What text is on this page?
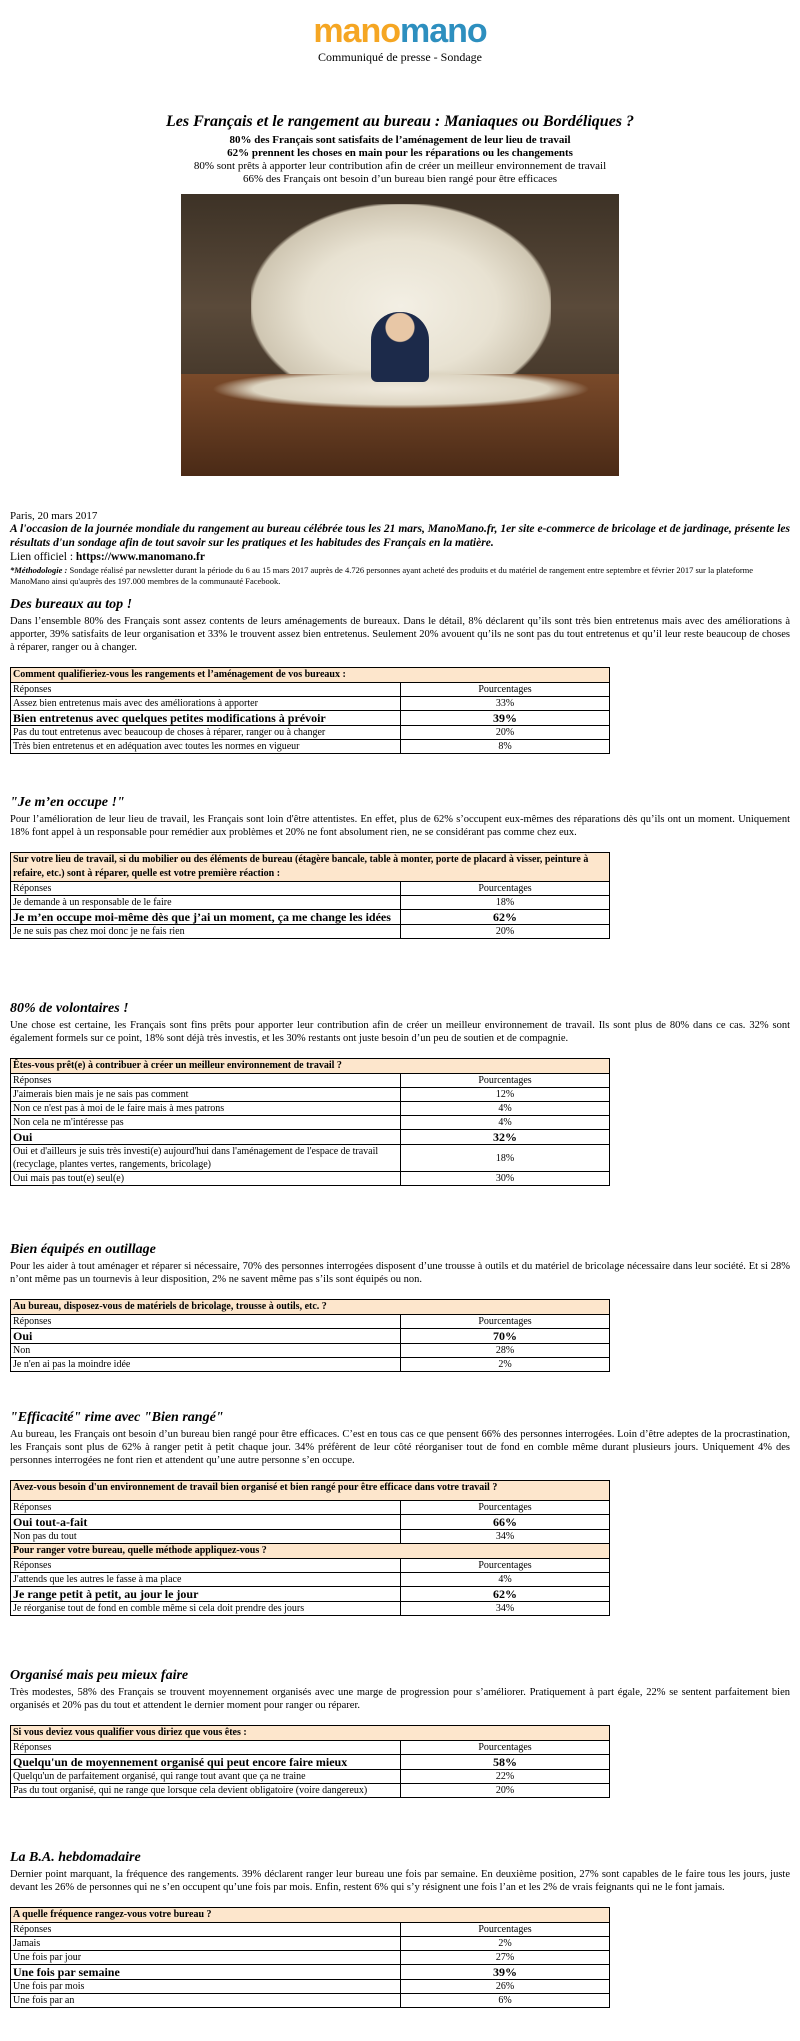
manomano
Communiqué de presse - Sondage
Les Français et le rangement au bureau : Maniaques ou Bordéliques ?
80% des Français sont satisfaits de l’aménagement de leur lieu de travail
62% prennent les choses en main pour les réparations ou les changements
80% sont prêts à apporter leur contribution afin de créer un meilleur environnement de travail
66% des Français ont besoin d’un bureau bien rangé pour être efficaces
Paris, 20 mars 2017
A l'occasion de la journée mondiale du rangement au bureau célébrée tous les 21 mars, ManoMano.fr, 1er site e-commerce de bricolage et de jardinage, présente les résultats d'un sondage afin de tout savoir sur les pratiques et les habitudes des Français en la matière.
Lien officiel : https://www.manomano.fr
*Méthodologie : Sondage réalisé par newsletter durant la période du 6 au 15 mars 2017 auprès de 4.726 personnes ayant acheté des produits et du matériel de rangement entre septembre et février 2017 sur la plateforme ManoMano ainsi qu'auprès des 197.000 membres de la communauté Facebook.
Des bureaux au top !
Dans l’ensemble 80% des Français sont assez contents de leurs aménagements de bureaux. Dans le détail, 8% déclarent qu’ils sont très bien entretenus mais avec des améliorations à apporter, 39% satisfaits de leur organisation et 33% le trouvent assez bien entretenus. Seulement 20% avouent qu’ils ne sont pas du tout entretenus et qu’il leur reste beaucoup de choses à réparer, ranger ou à changer.
Comment qualifieriez-vous les rangements et l’aménagement de vos bureaux :	
Réponses	Pourcentages
Assez bien entretenus mais avec des améliorations à apporter	33%
Bien entretenus avec quelques petites modifications à prévoir	39%
Pas du tout entretenus avec beaucoup de choses à réparer, ranger ou à changer	20%
Très bien entretenus et en adéquation avec toutes les normes en vigueur	8%
"Je m’en occupe !"
Pour l’amélioration de leur lieu de travail, les Français sont loin d'être attentistes. En effet, plus de 62% s’occupent eux-mêmes des réparations dès qu’ils ont un moment. Uniquement 18% font appel à un responsable pour remédier aux problèmes et 20% ne font absolument rien, ne se considérant pas comme chez eux.
Sur votre lieu de travail, si du mobilier ou des éléments de bureau (étagère bancale, table à monter, porte de placard à visser, peinture à refaire, etc.) sont à réparer, quelle est votre première réaction :	
Réponses	Pourcentages
Je demande à un responsable de le faire	18%
Je m’en occupe moi-même dès que j’ai un moment, ça me change les idées	62%
Je ne suis pas chez moi donc je ne fais rien	20%
80% de volontaires !
Une chose est certaine, les Français sont fins prêts pour apporter leur contribution afin de créer un meilleur environnement de travail. Ils sont plus de 80% dans ce cas. 32% sont également formels sur ce point, 18% sont déjà très investis, et les 30% restants ont juste besoin d’un peu de soutien et de compagnie.
Êtes-vous prêt(e) à contribuer à créer un meilleur environnement de travail ?	
Réponses	Pourcentages
J'aimerais bien mais je ne sais pas comment	12%
Non ce n'est pas à moi de le faire mais à mes patrons	4%
Non cela ne m'intéresse pas	4%
Oui	32%
Oui et d'ailleurs je suis très investi(e) aujourd'hui dans l'aménagement de l'espace de travail (recyclage, plantes vertes, rangements, bricolage)	18%
Oui mais pas tout(e) seul(e)	30%
Bien équipés en outillage
Pour les aider à tout aménager et réparer si nécessaire, 70% des personnes interrogées disposent d’une trousse à outils et du matériel de bricolage nécessaire dans leur société. Et si 28% n’ont même pas un tournevis à leur disposition, 2% ne savent même pas s’ils sont équipés ou non.
Au bureau, disposez-vous de matériels de bricolage, trousse à outils, etc. ?	
Réponses	Pourcentages
Oui	70%
Non	28%
Je n'en ai pas la moindre idée	2%
"Efficacité" rime avec "Bien rangé"
Au bureau, les Français ont besoin d’un bureau bien rangé pour être efficaces. C’est en tous cas ce que pensent 66% des personnes interrogées. Loin d’être adeptes de la procrastination, les Français sont plus de 62% à ranger petit à petit chaque jour. 34% préfèrent de leur côté réorganiser tout de fond en comble même durant plusieurs jours. Uniquement 4% des personnes interrogées ne font rien et attendent qu’une autre personne s’en occupe.
Avez-vous besoin d'un environnement de travail bien organisé et bien rangé pour être efficace dans votre travail ?	
Réponses	Pourcentages
Oui tout-a-fait	66%
Non pas du tout	34%
Pour ranger votre bureau, quelle méthode appliquez-vous ?	
Réponses	Pourcentages
J'attends que les autres le fasse à ma place	4%
Je range petit à petit, au jour le jour	62%
Je réorganise tout de fond en comble même si cela doit prendre des jours	34%
Organisé mais peu mieux faire
Très modestes, 58% des Français se trouvent moyennement organisés avec une marge de progression pour s’améliorer. Pratiquement à part égale, 22% se sentent parfaitement bien organisés et 20% pas du tout et attendent le dernier moment pour ranger ou réparer.
Si vous deviez vous qualifier vous diriez que vous êtes :	
Réponses	Pourcentages
Quelqu'un de moyennement organisé qui peut encore faire mieux	58%
Quelqu'un de parfaitement organisé, qui range tout avant que ça ne traine	22%
Pas du tout organisé, qui ne range que lorsque cela devient obligatoire (voire dangereux)	20%
La B.A. hebdomadaire
Dernier point marquant, la fréquence des rangements. 39% déclarent ranger leur bureau une fois par semaine. En deuxième position, 27% sont capables de le faire tous les jours, juste devant les 26% de personnes qui ne s’en occupent qu’une fois par mois. Enfin, restent 6% qui s’y résignent une fois l’an et les 2% de vrais feignants qui ne le font jamais.
A quelle fréquence rangez-vous votre bureau ?	
Réponses	Pourcentages
Jamais	2%
Une fois par jour	27%
Une fois par semaine	39%
Une fois par mois	26%
Une fois par an	6%
